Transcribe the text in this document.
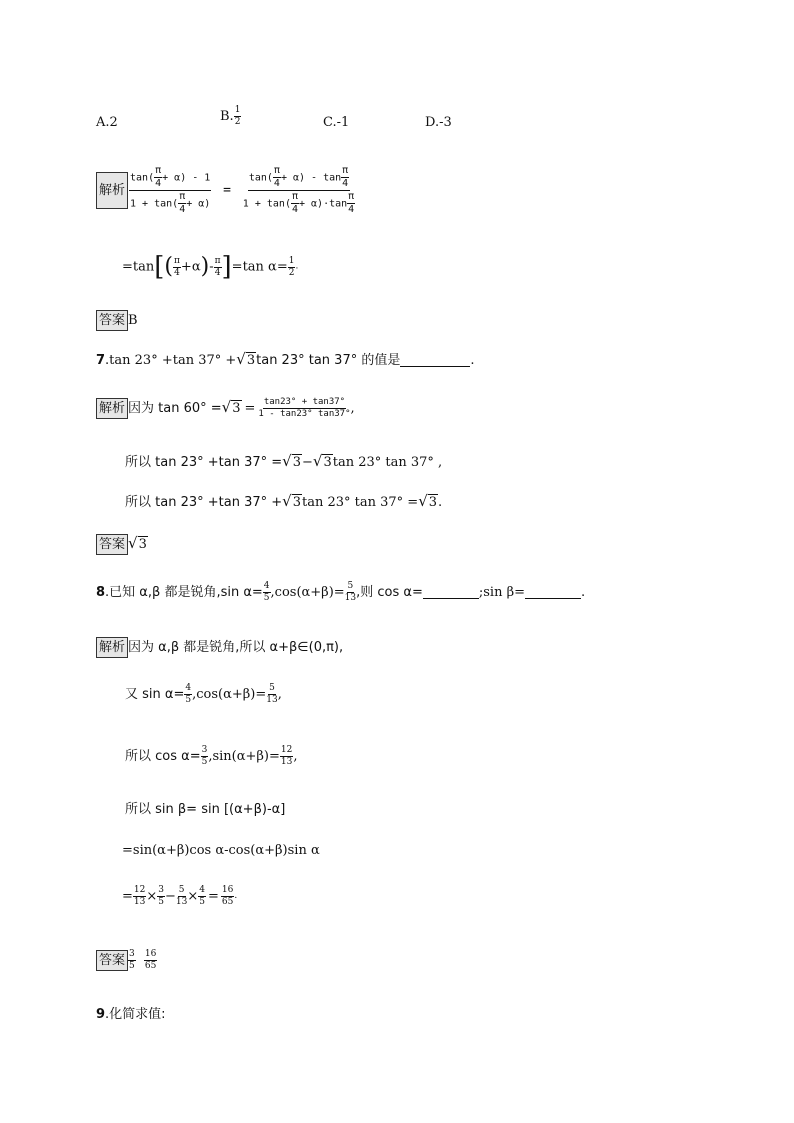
A.2	B. $\frac{1}{2}$	C.-1	D.-3
解析 $\frac{\tan( \frac{\pi}{4} + \alpha) - 1}{1 + \tan( \frac{\pi}{4} + \alpha)} = \frac{\tan( \frac{\pi}{4} + \alpha) - \tan \frac{\pi}{4}}{1 + \tan( \frac{\pi}{4} + \alpha)\cdot\tan \frac{\pi}{4}}$
$=\tan[( \frac{\pi}{4} +\alpha)- \frac{\pi}{4} ]=\tan$ $\alpha= \frac{1}{2}$ .
答案 B
7.tan 23° +tan 37° +√3tan 23° tan 37° 的值是	.
解析 因为 $\tan 60^\circ =√3 = \frac{\tan 23^\circ + \tan 37^\circ}{1 - \tan 23^\circ \tan 37^\circ}$ ,
所以 tan 23° +tan 37° =√3−√3tan 23° tan 37° ,
所以 tan 23° +tan 37° +√3tan 23° tan 37° =√3.
答案 √3
8.已知 α,β 都是锐角,sin $\alpha= \frac{4}{5} ,\cos(\alpha+\beta)= \frac{5}{13}$ ,则 cos α=	;sin β=	.
解析 因为 α,β 都是锐角,所以 α+β∈(0,π),
又 $\sin \alpha= \frac{4}{5} ,\cos(\alpha+\beta)= \frac{5}{13}$ ,
所以 $\cos \alpha= \frac{3}{5} ,\sin(\alpha+\beta)= \frac{12}{13}$ ,
所以 sin β= sin [(α+β)-α]
=sin(α+β)cos α-cos(α+β)sin α
= $\frac{12}{13} \times \frac{3}{5} - \frac{5}{13} \times \frac{4}{5} = \frac{16}{65}$ .
答案 $\frac{3}{5}$
$\frac{16}{65}$
9.化简求值:
